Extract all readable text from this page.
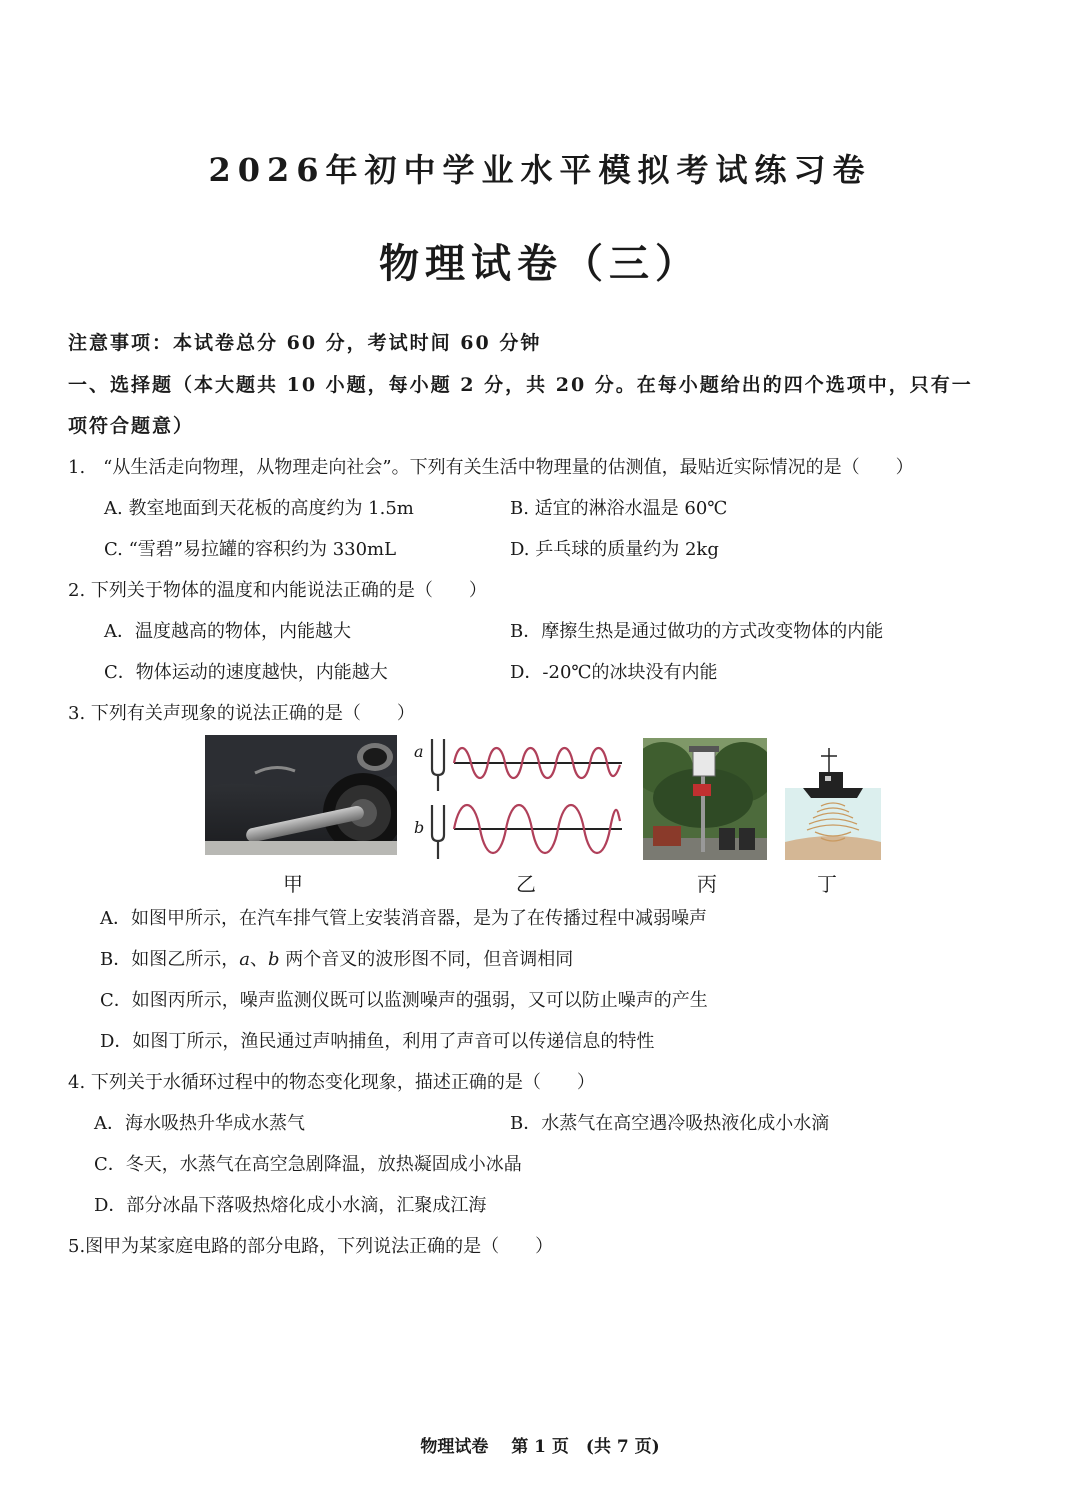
2026年初中学业水平模拟考试练习卷
物理试卷（三）
注意事项：本试卷总分 60 分，考试时间 60 分钟
一、选择题（本大题共 10 小题，每小题 2 分，共 20 分。在每小题给出的四个选项中，只有一
项符合题意）
1.　“从生活走向物理，从物理走向社会”。下列有关生活中物理量的估测值，最贴近实际情况的是（　　）
A. 教室地面到天花板的高度约为 1.5m	B. 适宜的淋浴水温是 60℃
C. “雪碧”易拉罐的容积约为 330mL	D. 乒乓球的质量约为 2kg
2. 下列关于物体的温度和内能说法正确的是（　　）
A．温度越高的物体，内能越大	B．摩擦生热是通过做功的方式改变物体的内能
C．物体运动的速度越快，内能越大	D．-20℃的冰块没有内能
3. 下列有关声现象的说法正确的是（　　）
a
b
甲	乙	丙	丁
A．如图甲所示，在汽车排气管上安装消音器，是为了在传播过程中减弱噪声
B．如图乙所示，a、b 两个音叉的波形图不同，但音调相同
C．如图丙所示，噪声监测仪既可以监测噪声的强弱，又可以防止噪声的产生
D．如图丁所示，渔民通过声呐捕鱼，利用了声音可以传递信息的特性
4. 下列关于水循环过程中的物态变化现象，描述正确的是（　　）
A．海水吸热升华成水蒸气	B．水蒸气在高空遇冷吸热液化成小水滴
C．冬天，水蒸气在高空急剧降温，放热凝固成小冰晶
D．部分冰晶下落吸热熔化成小水滴，汇聚成江海
5.图甲为某家庭电路的部分电路，下列说法正确的是（　　）
物理试卷　 第 1 页　(共 7 页)
